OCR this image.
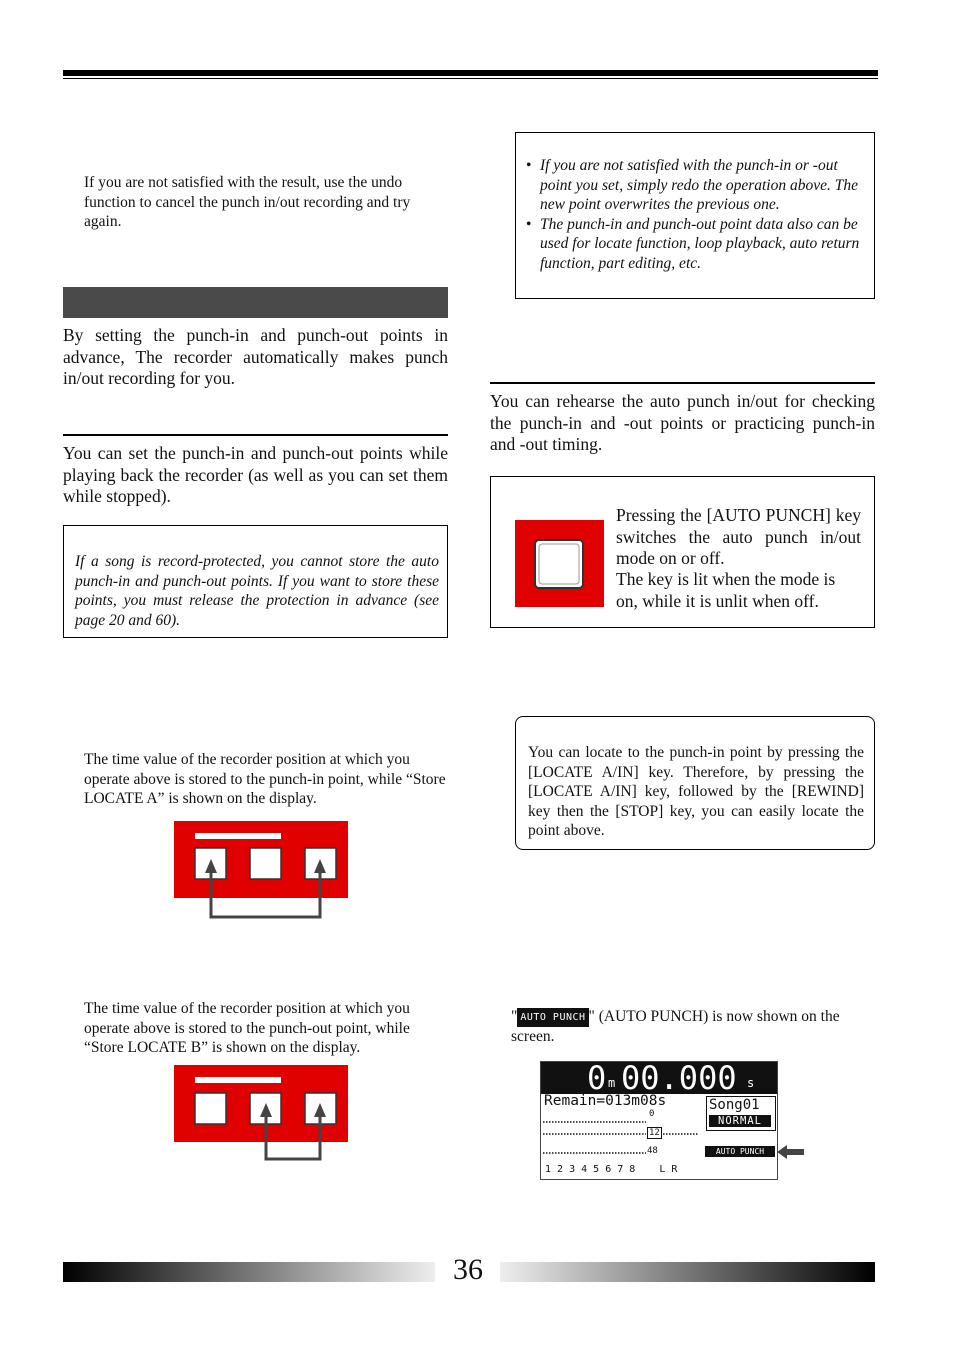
If you are not satisfied with the result, use the undo function to cancel the punch in/out recording and try again.
By setting the punch-in and punch-out points in advance, The recorder automatically makes punch in/out recording for you.
You can set the punch-in and punch-out points while playing back the recorder (as well as you can set them while stopped).
If a song is record-protected, you cannot store the auto punch-in and punch-out points. If you want to store these points, you must release the protection in advance (see page 20 and 60).
The time value of the recorder position at which you operate above is stored to the punch-in point, while “Store LOCATE A” is shown on the display.
The time value of the recorder position at which you operate above is stored to the punch-out point, while “Store LOCATE B” is shown on the display.
• If you are not satisfied with the punch-in or -out point you set, simply redo the operation above. The new point overwrites the previous one.
• The punch-in and punch-out point data also can be used for locate function, loop playback, auto return function, part editing, etc.
You can rehearse the auto punch in/out for checking the punch-in and -out points or practicing punch-in and -out timing.
Pressing the [AUTO PUNCH] key switches the auto punch in/out mode on or off.
The key is lit when the mode is on, while it is unlit when off.
You can locate to the punch-in point by pressing the [LOCATE A/IN] key. Therefore, by pressing the [LOCATE A/IN] key, followed by the [REWIND] key then the [STOP] key, you can easily locate the point above.
" AUTO PUNCH " (AUTO PUNCH) is now shown on the screen.
0 m 00.000 s
Remain=013m08s	Song01
NORMAL
0
12
48	AUTO PUNCH
1 2 3 4 5 6 7 8    L R
36
